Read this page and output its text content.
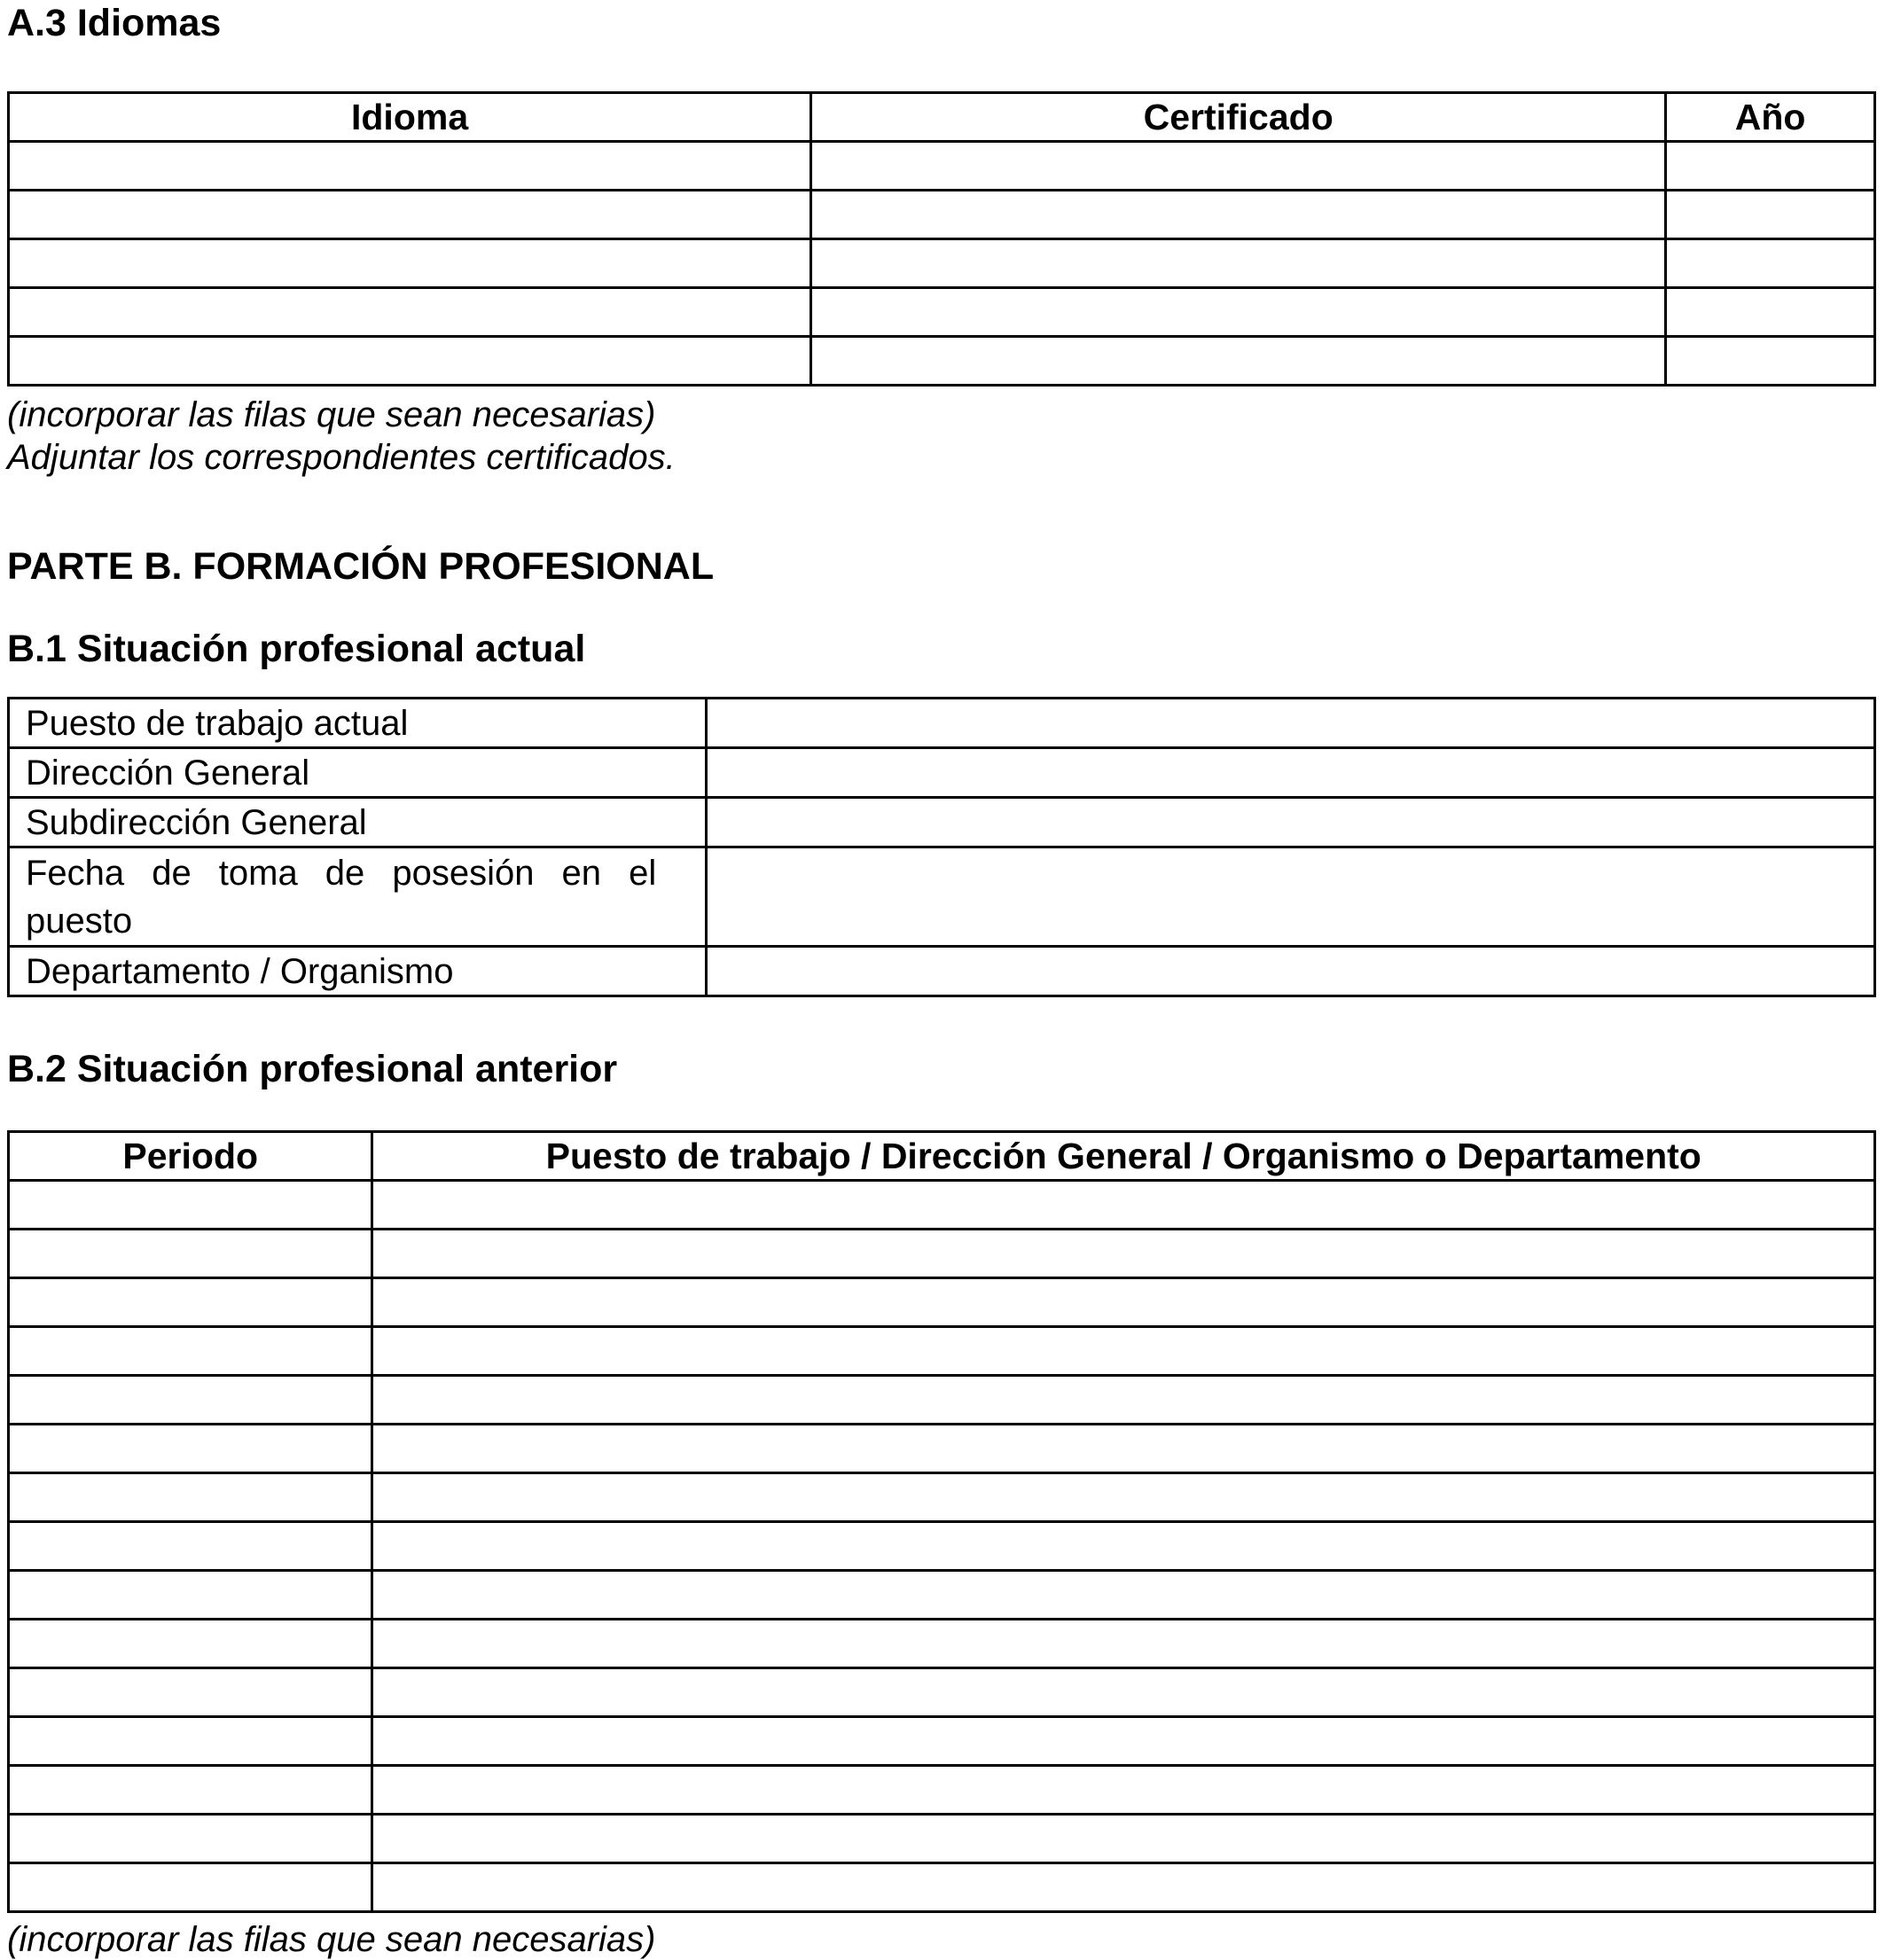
A.3 Idiomas
Idioma	Certificado	Año

(incorporar las filas que sean necesarias)
Adjuntar los correspondientes certificados.
PARTE B. FORMACIÓN PROFESIONAL
B.1 Situación profesional actual
Puesto de trabajo actual	
Dirección General	
Subdirección General	
Fecha de toma de posesión en el puesto	
Departamento / Organismo	
B.2 Situación profesional anterior
Periodo	Puesto de trabajo / Dirección General / Organismo o Departamento

(incorporar las filas que sean necesarias)
